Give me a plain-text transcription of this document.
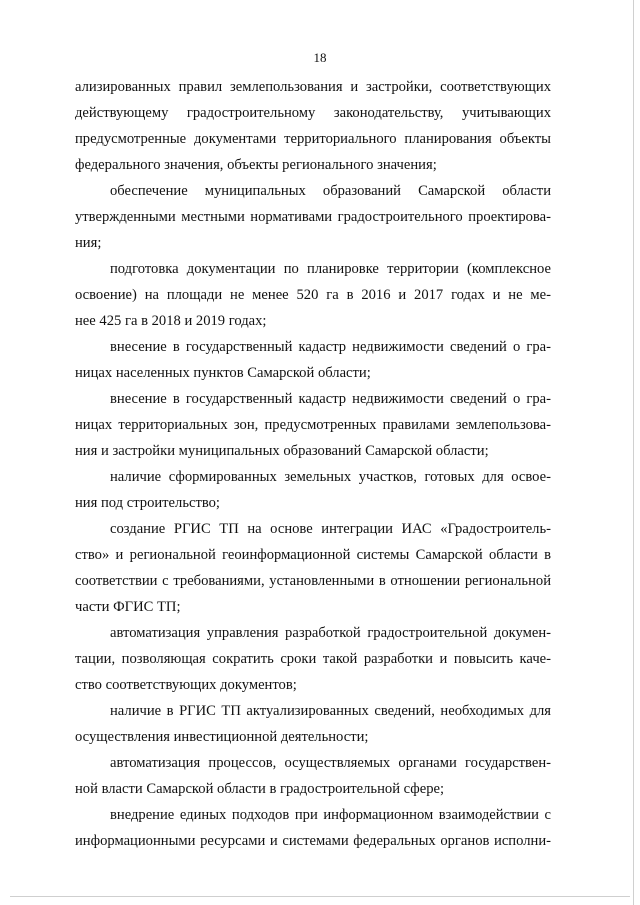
18
ализированных правил землепользования и застройки, соответствующих
действующему градостроительному законодательству, учитывающих
предусмотренные документами территориального планирования объекты
федерального значения, объекты регионального значения;
обеспечение муниципальных образований Самарской области
утвержденными местными нормативами градостроительного проектирова-
ния;
подготовка документации по планировке территории (комплексное
освоение) на площади не менее 520 га в 2016 и 2017 годах и не ме-
нее 425 га в 2018 и 2019 годах;
внесение в государственный кадастр недвижимости сведений о гра-
ницах населенных пунктов Самарской области;
внесение в государственный кадастр недвижимости сведений о гра-
ницах территориальных зон, предусмотренных правилами землепользова-
ния и застройки муниципальных образований Самарской области;
наличие сформированных земельных участков, готовых для освое-
ния под строительство;
создание РГИС ТП на основе интеграции ИАС «Градостроитель-
ство» и региональной геоинформационной системы Самарской области в
соответствии с требованиями, установленными в отношении региональной
части ФГИС ТП;
автоматизация управления разработкой градостроительной докумен-
тации, позволяющая сократить сроки такой разработки и повысить каче-
ство соответствующих документов;
наличие в РГИС ТП актуализированных сведений, необходимых для
осуществления инвестиционной деятельности;
автоматизация процессов, осуществляемых органами государствен-
ной власти Самарской области в градостроительной сфере;
внедрение единых подходов при информационном взаимодействии с
информационными ресурсами и системами федеральных органов исполни-
